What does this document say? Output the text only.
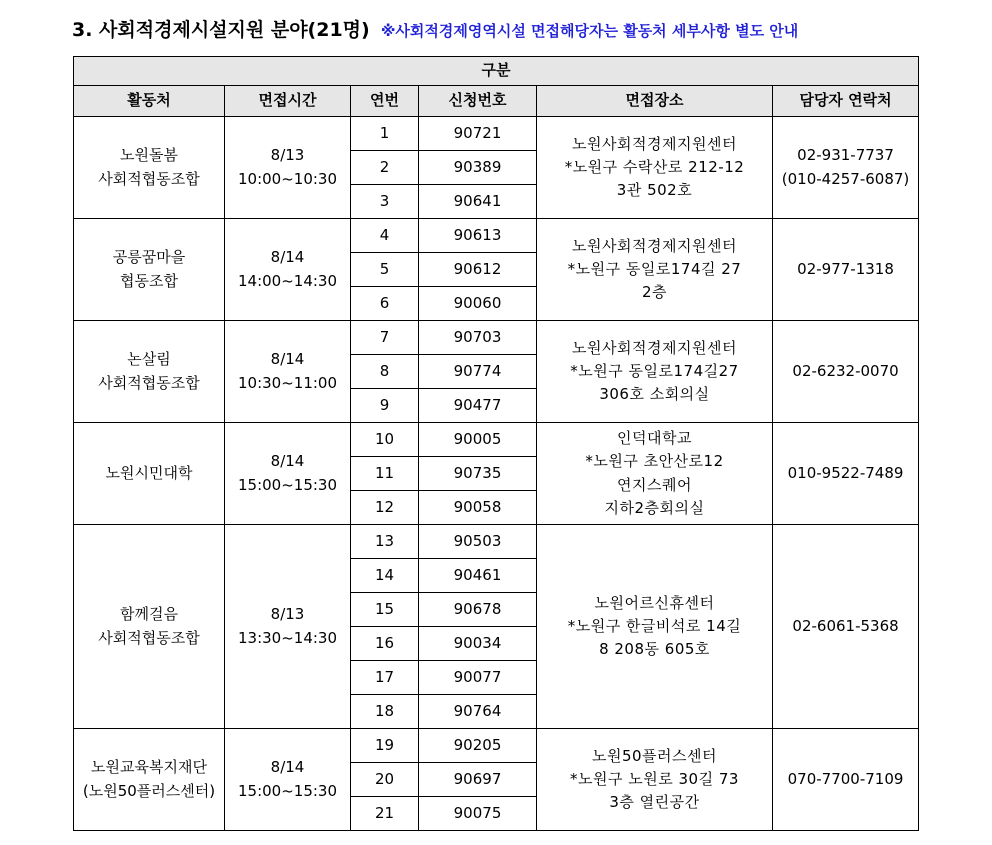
3. 사회적경제시설지원 분야(21명) ※사회적경제영역시설 면접해당자는 활동처 세부사항 별도 안내
구분					
활동처	면접시간	연번	신청번호	면접장소	담당자 연락처

노원돌봄
사회적협동조합	8/13
10:00~10:30	1	90721	노원사회적경제지원센터
*노원구 수락산로 212-12
3관 502호	02-931-7737
(010-4257-6087)

		2	90389		
		3	90641		

공릉꿈마을
협동조합	8/14
14:00~14:30	4	90613	노원사회적경제지원센터
*노원구 동일로174길 27
2층	02-977-1318

		5	90612		
		6	90060		

논살림
사회적협동조합	8/14
10:30~11:00	7	90703	노원사회적경제지원센터
*노원구 동일로174길27
306호 소회의실	02-6232-0070

		8	90774		
		9	90477		

노원시민대학	8/14
15:00~15:30	10	90005	인덕대학교
*노원구 초안산로12
연지스퀘어
지하2층회의실	010-9522-7489

		11	90735		
		12	90058		

함께걸음
사회적협동조합	8/13
13:30~14:30	13	90503	노원어르신휴센터
*노원구 한글비석로 14길
8 208동 605호	02-6061-5368

		14	90461		
		15	90678		
		16	90034		
		17	90077		
		18	90764		

노원교육복지재단
(노원50플러스센터)	8/14
15:00~15:30	19	90205	노원50플러스센터
*노원구 노원로 30길 73
3층 열린공간	070-7700-7109

		20	90697		
		21	90075		
